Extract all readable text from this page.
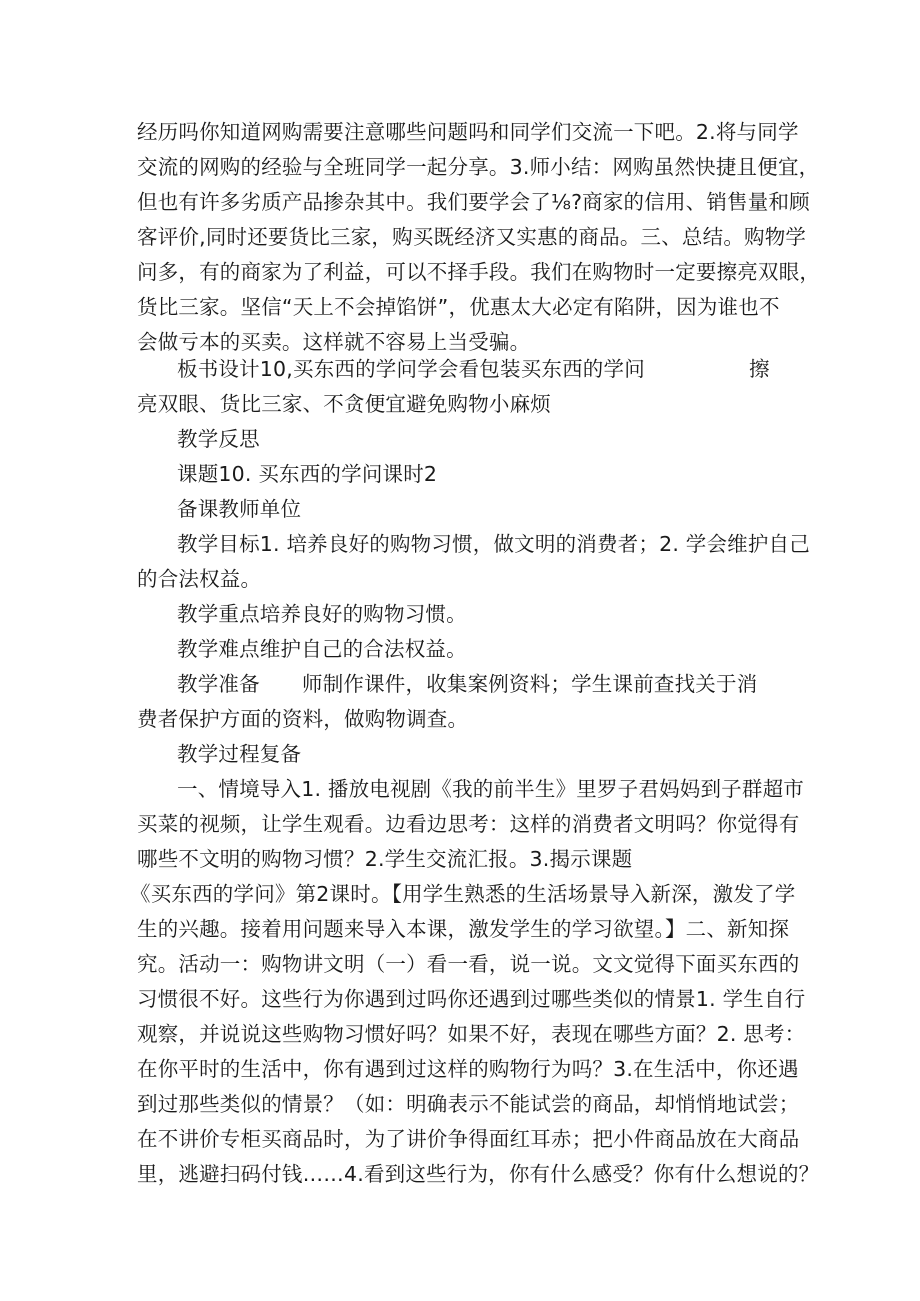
经历吗你知道网购需要注意哪些问题吗和同学们交流一下吧。2.将与同学
交流的网购的经验与全班同学一起分享。3.师小结：网购虽然快捷且便宜，
但也有许多劣质产品掺杂其中。我们要学会了⅛?商家的信用、销售量和顾
客评价,同时还要货比三家，购买既经济又实惠的商品。三、总结。购物学
问多，有的商家为了利益，可以不择手段。我们在购物时一定要擦亮双眼，
货比三家。坚信“天上不会掉馅饼”，优惠太大必定有陷阱，因为谁也不
会做亏本的买卖。这样就不容易上当受骗。
板书设计10,买东西的学问学会看包装买东西的学问	擦
亮双眼、货比三家、不贪便宜避免购物小麻烦
教学反思
课题10. 买东西的学问课时2
备课教师单位
教学目标1. 培养良好的购物习惯，做文明的消费者；2. 学会维护自己
的合法权益。
教学重点培养良好的购物习惯。
教学难点维护自己的合法权益。
教学准备	师制作课件，收集案例资料；学生课前查找关于消
费者保护方面的资料，做购物调查。
教学过程复备
一、情境导入1. 播放电视剧《我的前半生》里罗子君妈妈到子群超市
买菜的视频，让学生观看。边看边思考：这样的消费者文明吗？你觉得有
哪些不文明的购物习惯？2.学生交流汇报。3.揭示课题
《买东西的学问》第2课时。【用学生熟悉的生活场景导入新深，激发了学
生的兴趣。接着用问题来导入本课，激发学生的学习欲望。】二、新知探
究。活动一：购物讲文明（一）看一看，说一说。文文觉得下面买东西的
习惯很不好。这些行为你遇到过吗你还遇到过哪些类似的情景1. 学生自行
观察，并说说这些购物习惯好吗？如果不好，表现在哪些方面？2. 思考：
在你平时的生活中，你有遇到过这样的购物行为吗？3.在生活中，你还遇
到过那些类似的情景？（如：明确表示不能试尝的商品，却悄悄地试尝；
在不讲价专柜买商品时，为了讲价争得面红耳赤；把小件商品放在大商品
里，逃避扫码付钱……4.看到这些行为，你有什么感受？你有什么想说的？
